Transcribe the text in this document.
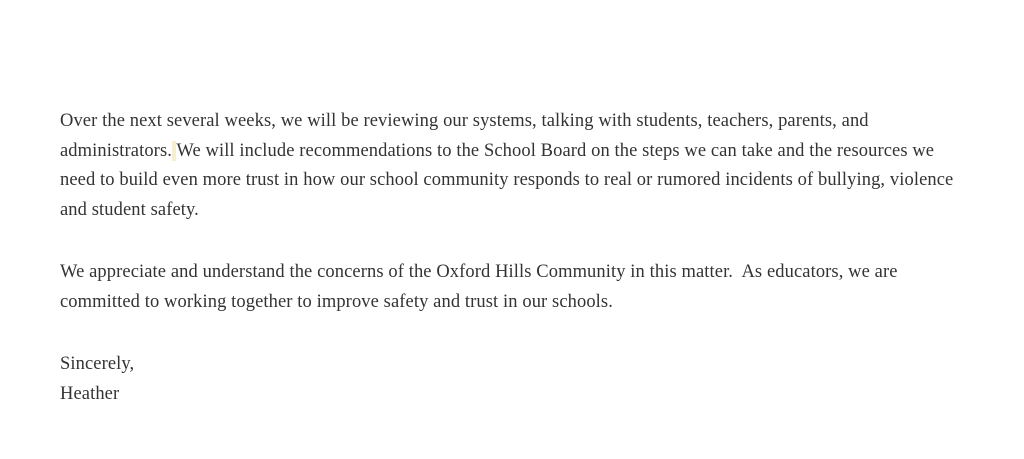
Over the next several weeks, we will be reviewing our systems, talking with students, teachers, parents, and administrators. We will include recommendations to the School Board on the steps we can take and the resources we need to build even more trust in how our school community responds to real or rumored incidents of bullying, violence and student safety.

We appreciate and understand the concerns of the Oxford Hills Community in this matter.  As educators, we are committed to working together to improve safety and trust in our schools.

Sincerely,
Heather
